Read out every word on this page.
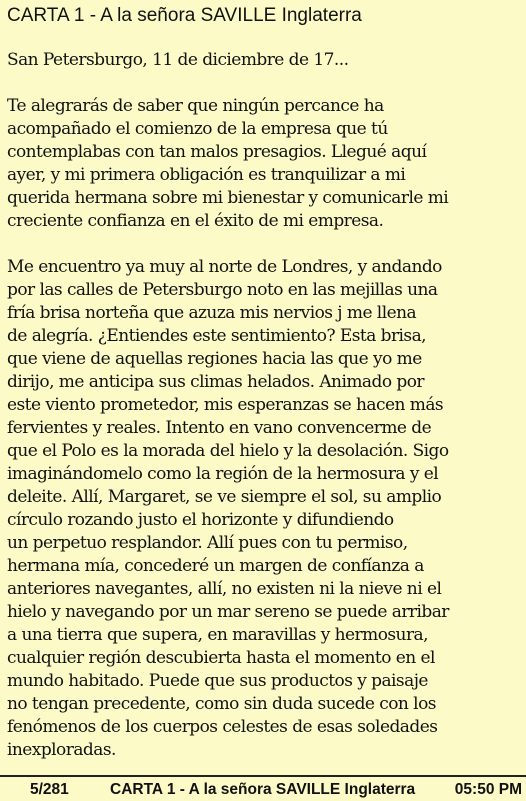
CARTA 1 - A la señora SAVILLE Inglaterra

San Petersburgo, 11 de diciembre de 17...

Te alegrarás de saber que ningún percance ha

acompañado el comienzo de la empresa que tú

contemplabas con tan malos presagios. Llegué aquí

ayer, y mi primera obligación es tranquilizar a mi

querida hermana sobre mi bienestar y comunicarle mi

creciente confianza en el éxito de mi empresa.

Me encuentro ya muy al norte de Londres, y andando

por las calles de Petersburgo noto en las mejillas una

fría brisa norteña que azuza mis nervios j me llena

de alegría. ¿Entiendes este sentimiento? Esta brisa,

que viene de aquellas regiones hacia las que yo me

dirijo, me anticipa sus climas helados. Animado por

este viento prometedor, mis esperanzas se hacen más

fervientes y reales. Intento en vano convencerme de

que el Polo es la morada del hielo y la desolación. Sigo

imaginándomelo como la región de la hermosura y el

deleite. Allí, Margaret, se ve siempre el sol, su amplio

círculo rozando justo el horizonte y difundiendo

un perpetuo resplandor. Allí pues con tu permiso,

hermana mía, concederé un margen de confíanza a

anteriores navegantes, allí, no existen ni la nieve ni el

hielo y navegando por un mar sereno se puede arribar

a una tierra que supera, en maravillas y hermosura,

cualquier región descubierta hasta el momento en el

mundo habitado. Puede que sus productos y paisaje

no tengan precedente, como sin duda sucede con los

fenómenos de los cuerpos celestes de esas soledades

inexploradas.

5/281	CARTA 1 - A la señora SAVILLE Inglaterra	05:50 PM
